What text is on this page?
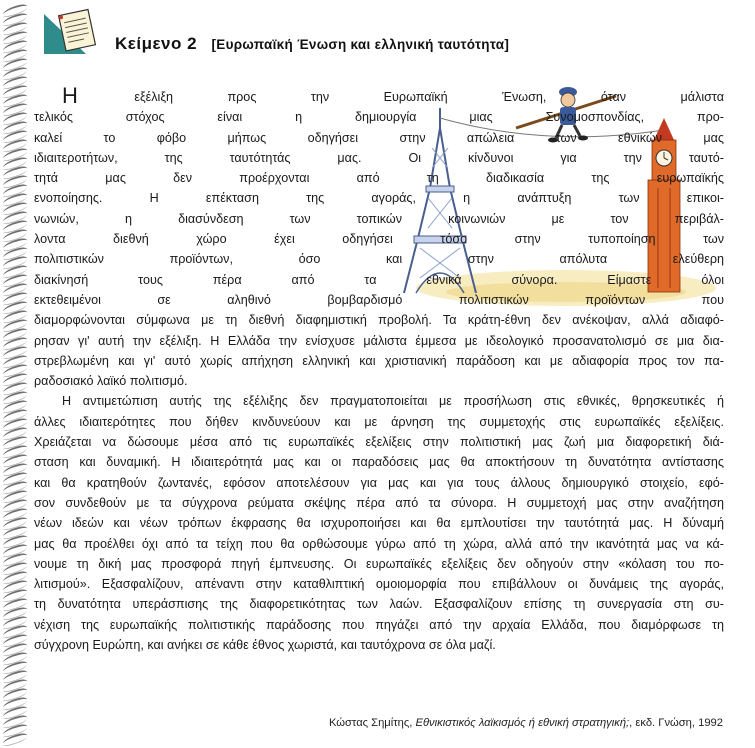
Κείμενο 2 [Ευρωπαϊκή Ένωση και ελληνική ταυτότητα]

Η	εξέλιξη προς την Ευρωπαϊκή Ένωση, όταν μάλιστα
τελικός στόχος είναι η δημιουργία μιας Συνομοσπονδίας, προ-
καλεί το φόβο μήπως οδηγήσει στην απώλεια των εθνικών μας
ιδιαιτεροτήτων, της ταυτότητάς μας. Οι κίνδυνοι για την ταυτό-
τητά μας δεν προέρχονται από τη διαδικασία της ευρωπαϊκής
ενοποίησης. Η επέκταση της αγοράς, η ανάπτυξη των επικοι-
νωνιών, η διασύνδεση των τοπικών κοινωνιών με τον περιβάλ-
λοντα διεθνή χώρο έχει οδηγήσει τόσο στην τυποποίηση των
πολιτιστικών προϊόντων, όσο και στην απόλυτα ελεύθερη
διακίνησή τους πέρα από τα εθνικά σύνορα. Είμαστε όλοι
εκτεθειμένοι σε αληθινό βομβαρδισμό πολιτιστικών προϊόντων που
διαμορφώνονται σύμφωνα με τη διεθνή διαφημιστική προβολή. Τα κράτη-έθνη δεν ανέκοψαν, αλλά αδιαφό-
ρησαν γι' αυτή την εξέλιξη. Η Ελλάδα την ενίσχυσε μάλιστα έμμεσα με ιδεολογικό προσανατολισμό σε μια δια-
στρεβλωμένη και γι' αυτό χωρίς απήχηση ελληνική και χριστιανική παράδοση και με αδιαφορία προς τον πα-
ραδοσιακό λαϊκό πολιτισμό.

Η αντιμετώπιση αυτής της εξέλιξης δεν πραγματοποιείται με προσήλωση στις εθνικές, θρησκευτικές ή
άλλες ιδιαιτερότητες που δήθεν κινδυνεύουν και με άρνηση της συμμετοχής στις ευρωπαϊκές εξελίξεις.
Χρειάζεται να δώσουμε μέσα από τις ευρωπαϊκές εξελίξεις στην πολιτιστική μας ζωή μια διαφορετική διά-
σταση και δυναμική. Η ιδιαιτερότητά μας και οι παραδόσεις μας θα αποκτήσουν τη δυνατότητα αντίστασης
και θα κρατηθούν ζωντανές, εφόσον αποτελέσουν για μας και για τους άλλους δημιουργικό στοιχείο, εφό-
σον συνδεθούν με τα σύγχρονα ρεύματα σκέψης πέρα από τα σύνορα. Η συμμετοχή μας στην αναζήτηση
νέων ιδεών και νέων τρόπων έκφρασης θα ισχυροποιήσει και θα εμπλουτίσει την ταυτότητά μας. Η δύναμή
μας θα προέλθει όχι από τα τείχη που θα ορθώσουμε γύρω από τη χώρα, αλλά από την ικανότητά μας να κά-
νουμε τη δική μας προσφορά πηγή έμπνευσης. Οι ευρωπαϊκές εξελίξεις δεν οδηγούν στην «κόλαση του πο-
λιτισμού». Εξασφαλίζουν, απέναντι στην καταθλιπτική ομοιομορφία που επιβάλλουν οι δυνάμεις της αγοράς,
τη δυνατότητα υπεράσπισης της διαφορετικότητας των λαών. Εξασφαλίζουν επίσης τη συνεργασία στη συ-
νέχιση της ευρωπαϊκής πολιτιστικής παράδοσης που πηγάζει από την αρχαία Ελλάδα, που διαμόρφωσε τη
σύγχρονη Ευρώπη, και ανήκει σε κάθε έθνος χωριστά, και ταυτόχρονα σε όλα μαζί.

Κώστας Σημίτης, Εθνικιστικός λαϊκισμός ή εθνική στρατηγική;, εκδ. Γνώση, 1992
